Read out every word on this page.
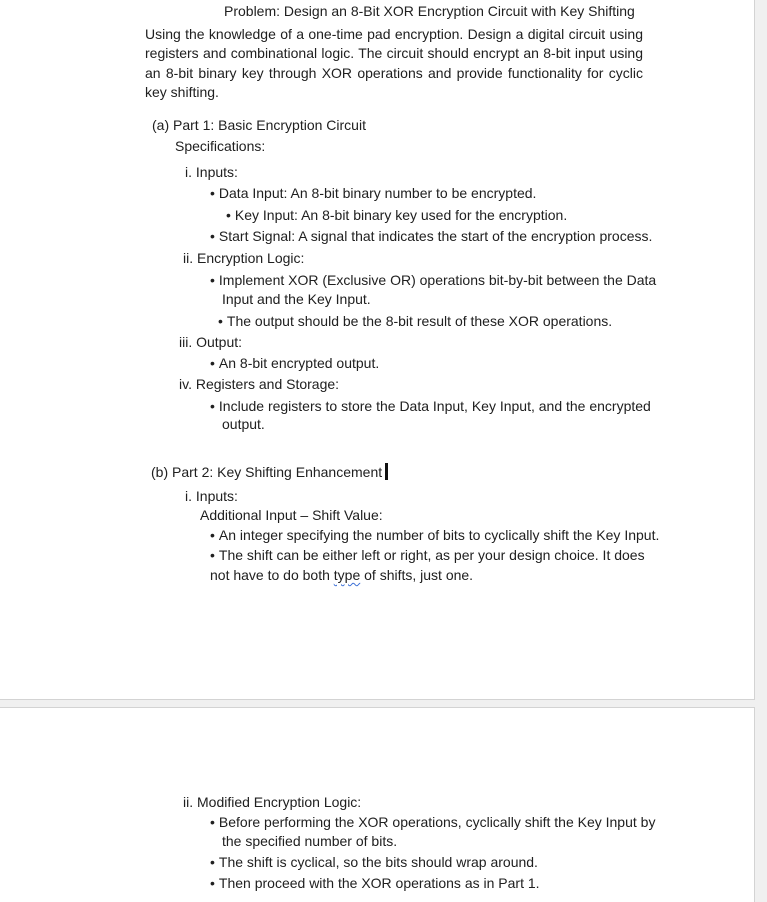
Problem: Design an 8-Bit XOR Encryption Circuit with Key Shifting
Using the knowledge of a one-time pad encryption. Design a digital circuit using registers and combinational logic. The circuit should encrypt an 8-bit input using an 8-bit binary key through XOR operations and provide functionality for cyclic key shifting.
(a) Part 1: Basic Encryption Circuit
Specifications:
i. Inputs:
• Data Input: An 8-bit binary number to be encrypted.
• Key Input: An 8-bit binary key used for the encryption.
• Start Signal: A signal that indicates the start of the encryption process.
ii. Encryption Logic:
• Implement XOR (Exclusive OR) operations bit-by-bit between the Data
Input and the Key Input.
• The output should be the 8-bit result of these XOR operations.
iii. Output:
• An 8-bit encrypted output.
iv. Registers and Storage:
• Include registers to store the Data Input, Key Input, and the encrypted
output.
(b) Part 2: Key Shifting Enhancement
i. Inputs:
Additional Input – Shift Value:
• An integer specifying the number of bits to cyclically shift the Key Input.
• The shift can be either left or right, as per your design choice. It does
not have to do both type of shifts, just one.
ii. Modified Encryption Logic:
• Before performing the XOR operations, cyclically shift the Key Input by
the specified number of bits.
• The shift is cyclical, so the bits should wrap around.
• Then proceed with the XOR operations as in Part 1.
